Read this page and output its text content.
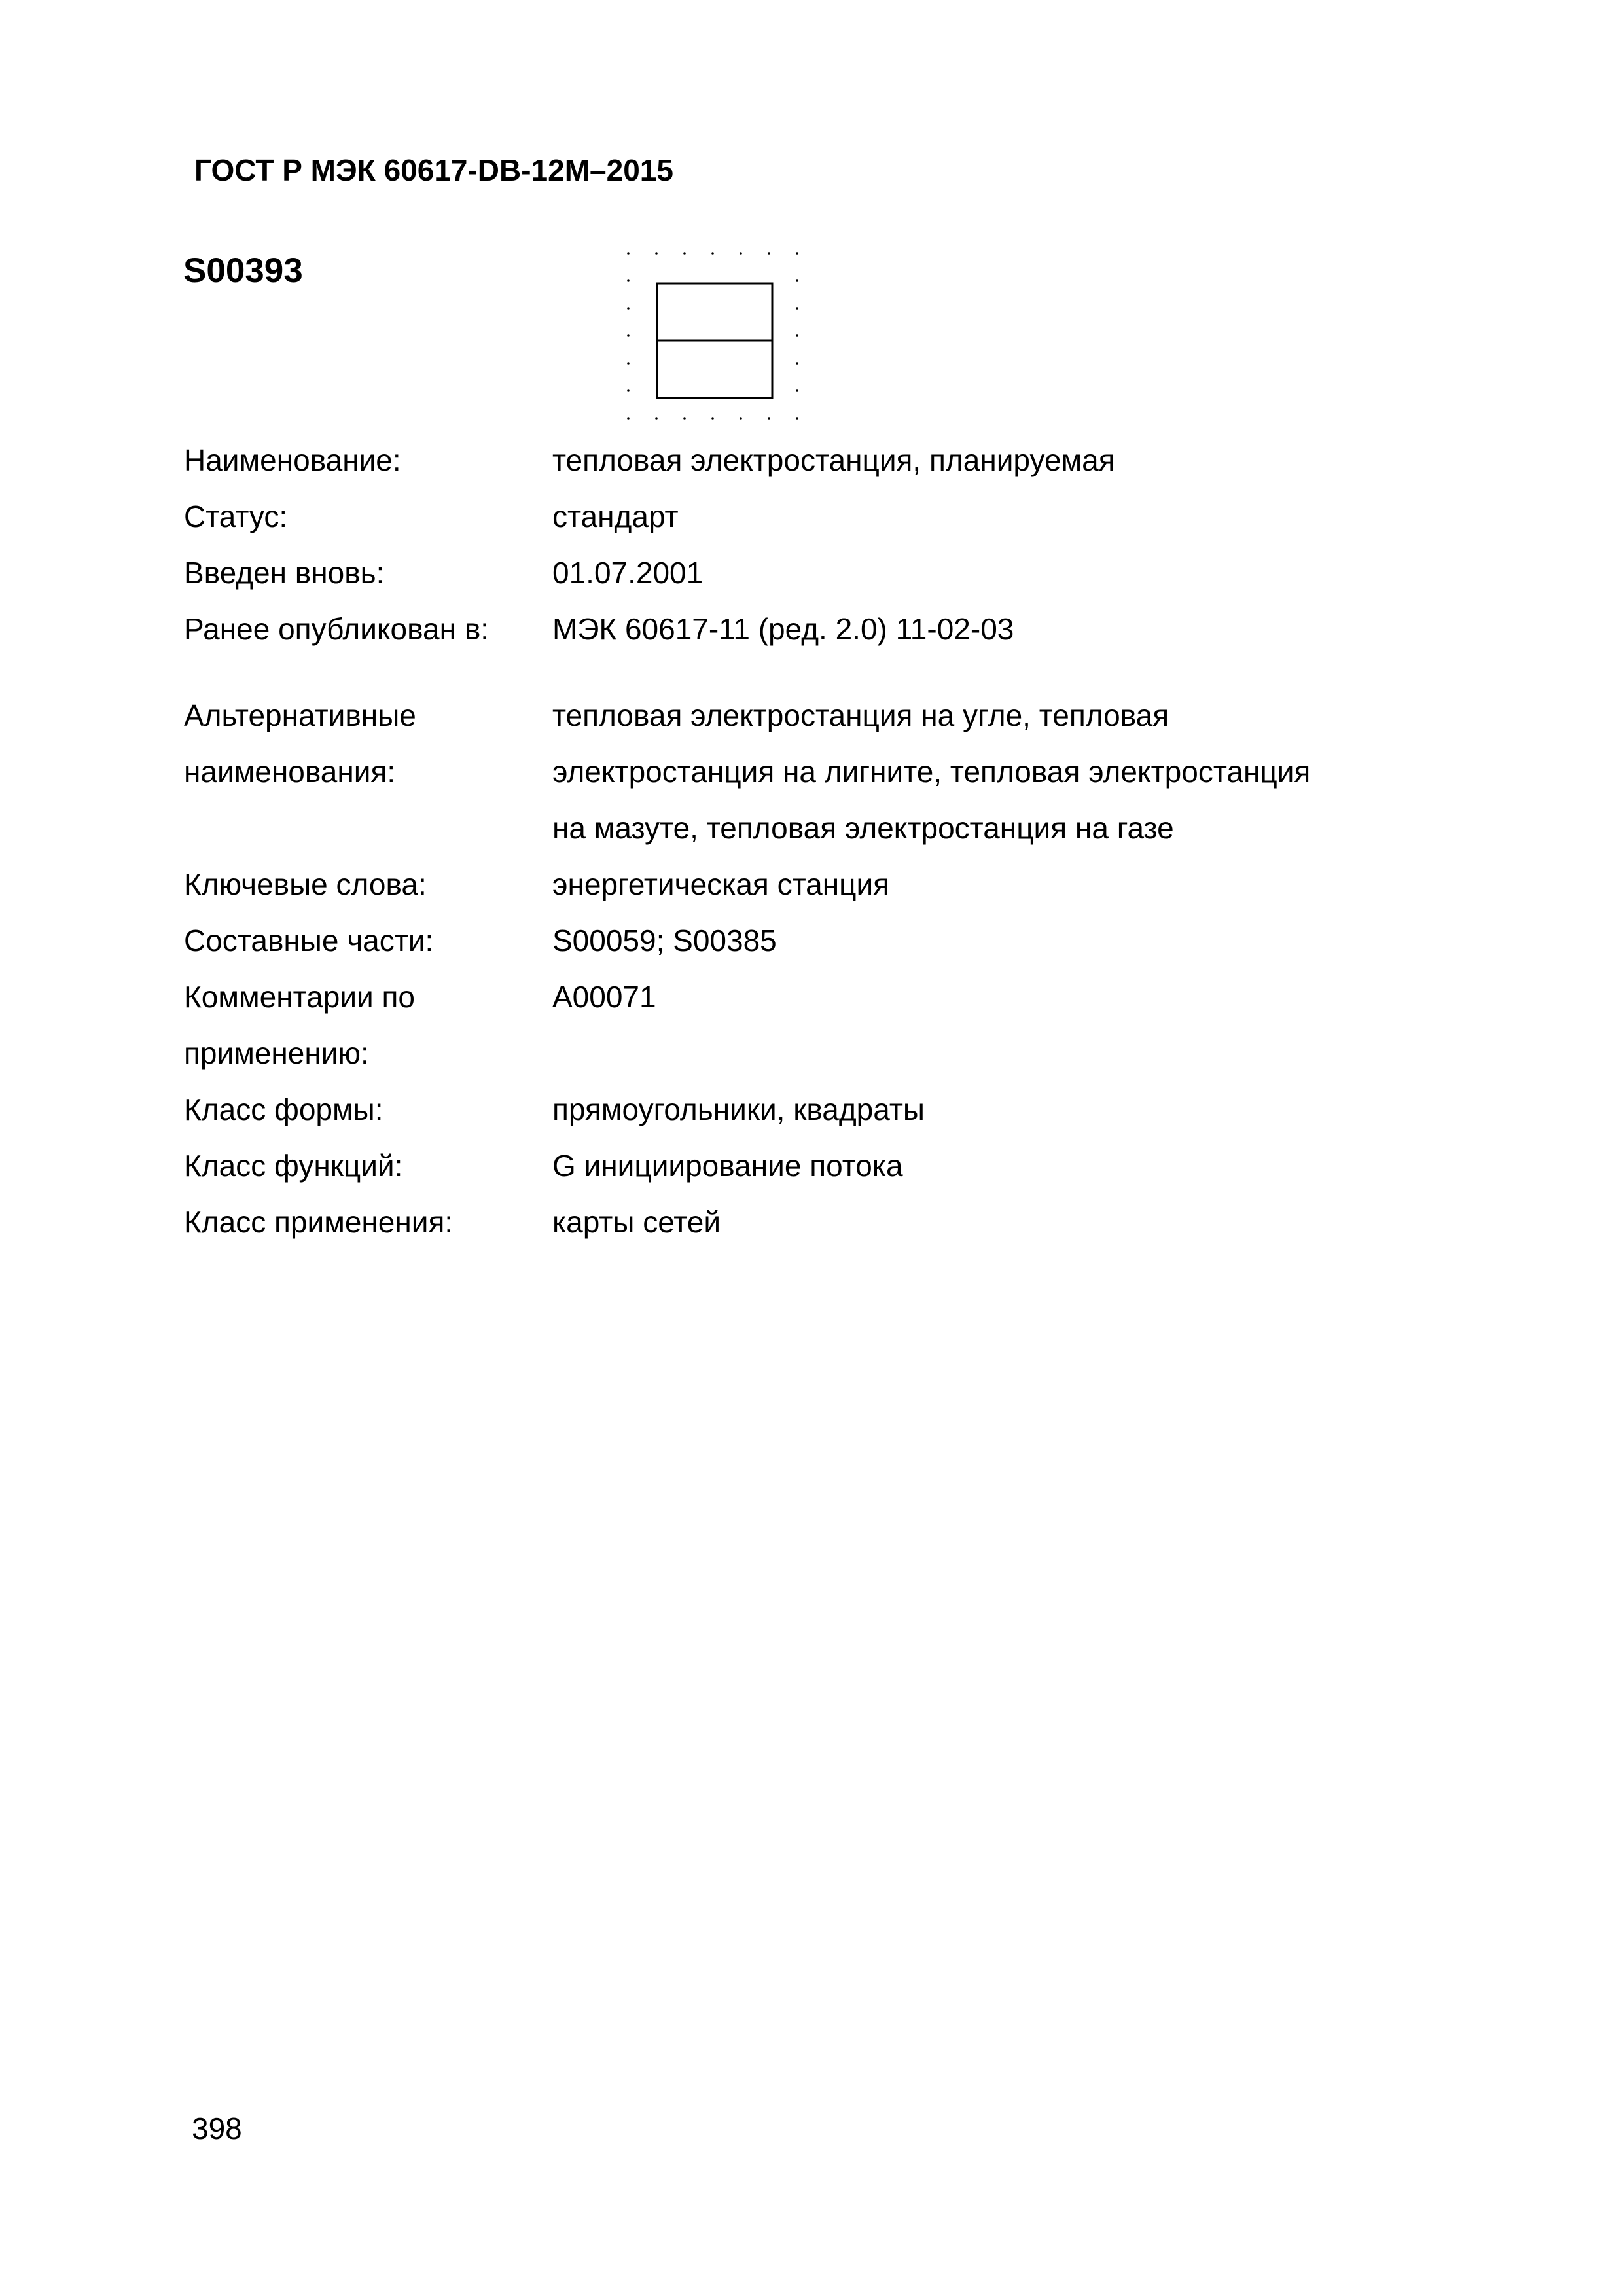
ГОСТ Р МЭК 60617-DB-12M–2015
S00393
Наименование:	тепловая электростанция, планируемая
Статус:	стандарт
Введен вновь:	01.07.2001
Ранее опубликован в: МЭК 60617-11 (ред. 2.0) 11-02-03
Альтернативные
наименования:
тепловая электростанция на угле, тепловая
электростанция на лигните, тепловая электростанция
на мазуте, тепловая электростанция на газе
Ключевые слова:	энергетическая станция
Составные части:	S00059; S00385
Комментарии по
применению:
A00071
Класс формы:	прямоугольники, квадраты
Класс функций:	G инициирование потока
Класс применения:	карты сетей
398
